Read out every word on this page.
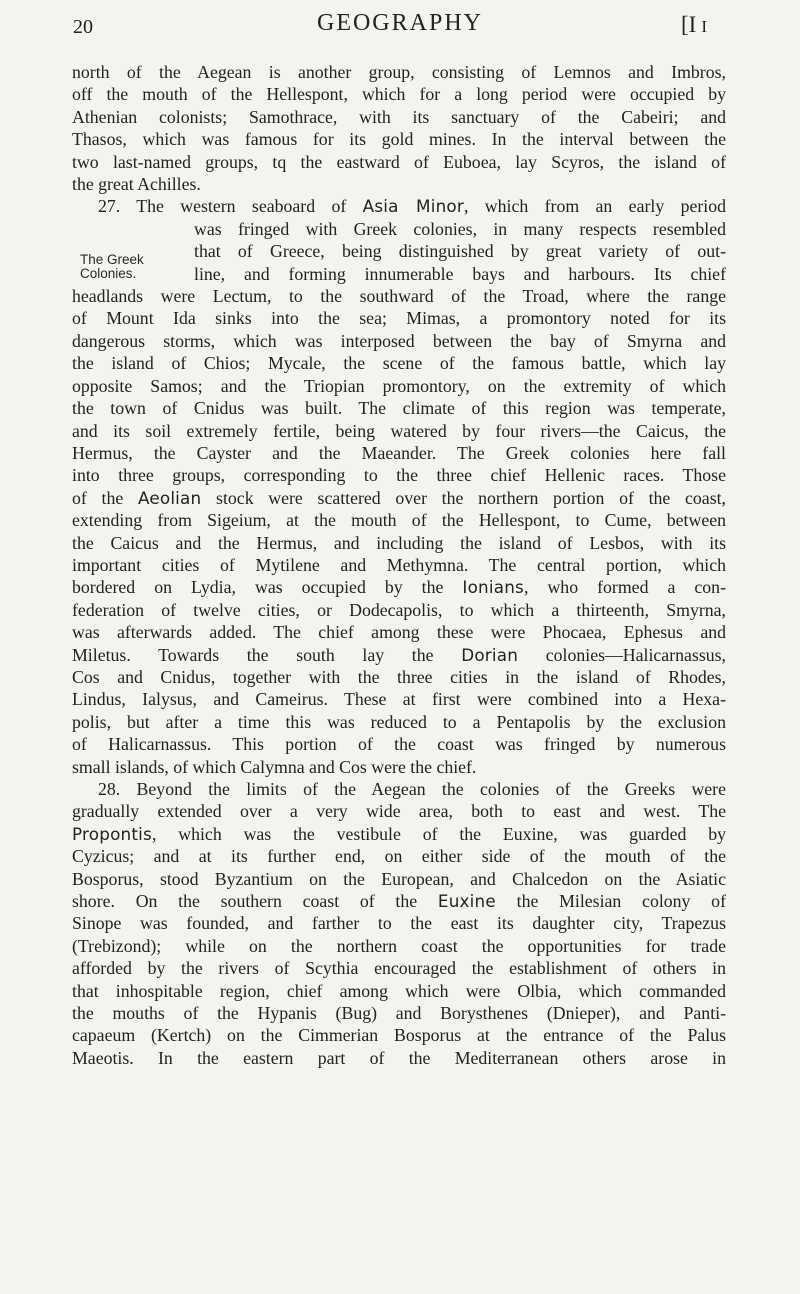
20	GEOGRAPHY	[I I
The Greek
Colonies.

north of the Aegean is another group, consisting of Lemnos and Imbros,
off the mouth of the Hellespont, which for a long period were occupied by
Athenian colonists; Samothrace, with its sanctuary of the Cabeiri; and
Thasos, which was famous for its gold mines. In the interval between the
two last-named groups, tq the eastward of Euboea, lay Scyros, the island of
the great Achilles.

27. The western seaboard of Asia Minor, which from an early period
was fringed with Greek colonies, in many respects resembled
that of Greece, being distinguished by great variety of out-
line, and forming innumerable bays and harbours. Its chief
headlands were Lectum, to the southward of the Troad, where the range
of Mount Ida sinks into the sea; Mimas, a promontory noted for its
dangerous storms, which was interposed between the bay of Smyrna and
the island of Chios; Mycale, the scene of the famous battle, which lay
opposite Samos; and the Triopian promontory, on the extremity of which
the town of Cnidus was built. The climate of this region was temperate,
and its soil extremely fertile, being watered by four rivers—the Caicus, the
Hermus, the Cayster and the Maeander. The Greek colonies here fall
into three groups, corresponding to the three chief Hellenic races. Those
of the Aeolian stock were scattered over the northern portion of the coast,
extending from Sigeium, at the mouth of the Hellespont, to Cume, between
the Caicus and the Hermus, and including the island of Lesbos, with its
important cities of Mytilene and Methymna. The central portion, which
bordered on Lydia, was occupied by the Ionians, who formed a con-
federation of twelve cities, or Dodecapolis, to which a thirteenth, Smyrna,
was afterwards added. The chief among these were Phocaea, Ephesus and
Miletus. Towards the south lay the Dorian colonies—Halicarnassus,
Cos and Cnidus, together with the three cities in the island of Rhodes,
Lindus, Ialysus, and Cameirus. These at first were combined into a Hexa-
polis, but after a time this was reduced to a Pentapolis by the exclusion
of Halicarnassus. This portion of the coast was fringed by numerous
small islands, of which Calymna and Cos were the chief.

28. Beyond the limits of the Aegean the colonies of the Greeks were
gradually extended over a very wide area, both to east and west. The
Propontis, which was the vestibule of the Euxine, was guarded by
Cyzicus; and at its further end, on either side of the mouth of the
Bosporus, stood Byzantium on the European, and Chalcedon on the Asiatic
shore. On the southern coast of the Euxine the Milesian colony of
Sinope was founded, and farther to the east its daughter city, Trapezus
(Trebizond); while on the northern coast the opportunities for trade
afforded by the rivers of Scythia encouraged the establishment of others in
that inhospitable region, chief among which were Olbia, which commanded
the mouths of the Hypanis (Bug) and Borysthenes (Dnieper), and Panti-
capaeum (Kertch) on the Cimmerian Bosporus at the entrance of the Palus
Maeotis. In the eastern part of the Mediterranean others arose in
